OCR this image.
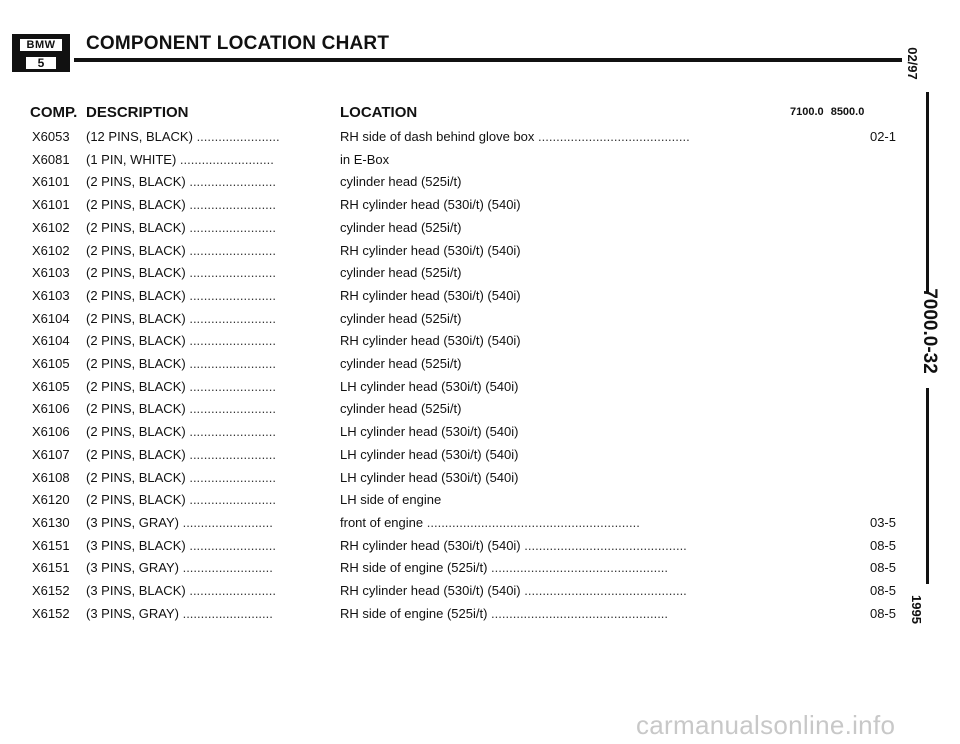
BMW
5
COMPONENT LOCATION CHART
COMP. DESCRIPTION	LOCATION	7100.0 8500.0
X6053 (12 PINS, BLACK) .......................	RH side of dash behind glove box ..........................................	02-1
X6081 (1 PIN, WHITE) ..........................	in E-Box
X6101 (2 PINS, BLACK) ........................	cylinder head (525i/t)
X6101 (2 PINS, BLACK) ........................	RH cylinder head (530i/t) (540i)
X6102 (2 PINS, BLACK) ........................	cylinder head (525i/t)
X6102 (2 PINS, BLACK) ........................	RH cylinder head (530i/t) (540i)
X6103 (2 PINS, BLACK) ........................	cylinder head (525i/t)
X6103 (2 PINS, BLACK) ........................	RH cylinder head (530i/t) (540i)
X6104 (2 PINS, BLACK) ........................	cylinder head (525i/t)
X6104 (2 PINS, BLACK) ........................	RH cylinder head (530i/t) (540i)
X6105 (2 PINS, BLACK) ........................	cylinder head (525i/t)
X6105 (2 PINS, BLACK) ........................	LH cylinder head (530i/t) (540i)
X6106 (2 PINS, BLACK) ........................	cylinder head (525i/t)
X6106 (2 PINS, BLACK) ........................	LH cylinder head (530i/t) (540i)
X6107 (2 PINS, BLACK) ........................	LH cylinder head (530i/t) (540i)
X6108 (2 PINS, BLACK) ........................	LH cylinder head (530i/t) (540i)
X6120 (2 PINS, BLACK) ........................	LH side of engine
X6130 (3 PINS, GRAY) .........................	front of engine ...........................................................	03-5
X6151 (3 PINS, BLACK) ........................	RH cylinder head (530i/t) (540i) .............................................	08-5
X6151 (3 PINS, GRAY) .........................	RH side of engine (525i/t) .................................................	08-5
X6152 (3 PINS, BLACK) ........................	RH cylinder head (530i/t) (540i) .............................................	08-5
X6152 (3 PINS, GRAY) .........................	RH side of engine (525i/t) .................................................	08-5
02/97
7000.0-32
1995
carmanualsonline.info
